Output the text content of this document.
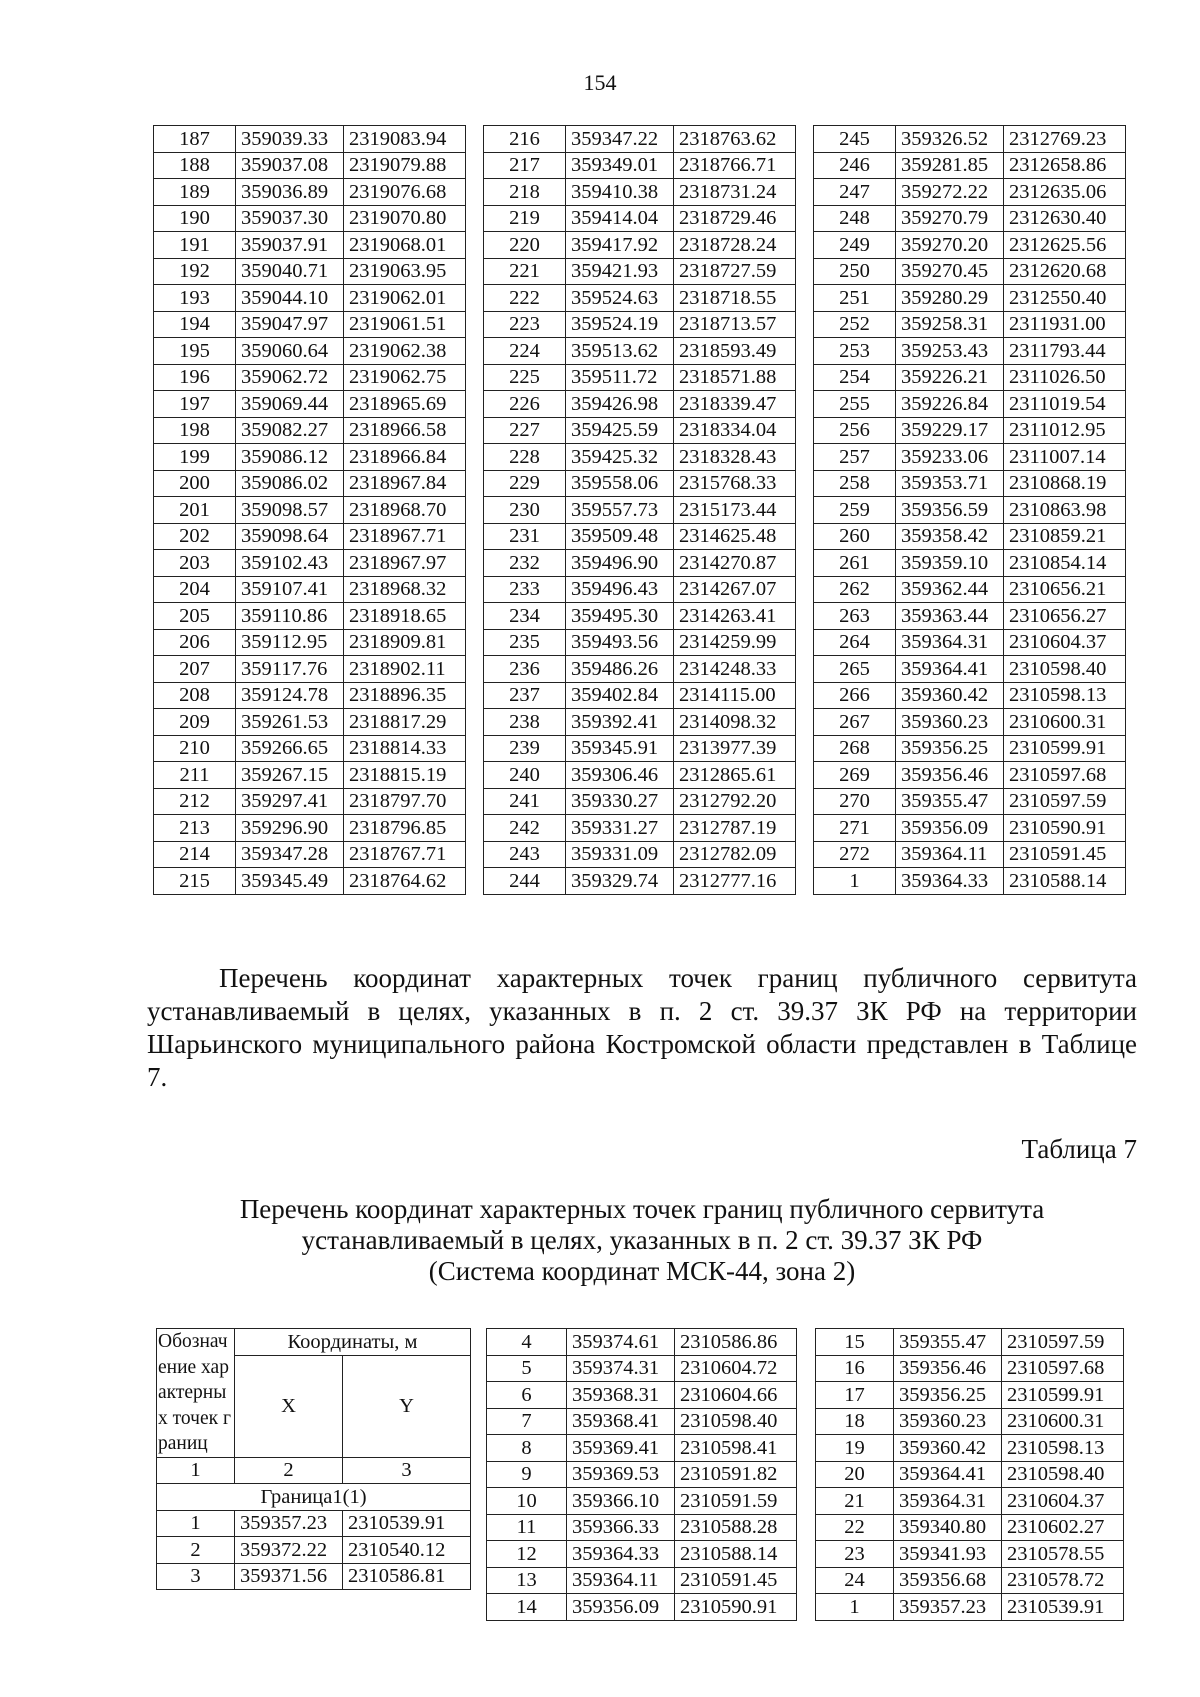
154
187	359039.33	2319083.94
188	359037.08	2319079.88
189	359036.89	2319076.68
190	359037.30	2319070.80
191	359037.91	2319068.01
192	359040.71	2319063.95
193	359044.10	2319062.01
194	359047.97	2319061.51
195	359060.64	2319062.38
196	359062.72	2319062.75
197	359069.44	2318965.69
198	359082.27	2318966.58
199	359086.12	2318966.84
200	359086.02	2318967.84
201	359098.57	2318968.70
202	359098.64	2318967.71
203	359102.43	2318967.97
204	359107.41	2318968.32
205	359110.86	2318918.65
206	359112.95	2318909.81
207	359117.76	2318902.11
208	359124.78	2318896.35
209	359261.53	2318817.29
210	359266.65	2318814.33
211	359267.15	2318815.19
212	359297.41	2318797.70
213	359296.90	2318796.85
214	359347.28	2318767.71
215	359345.49	2318764.62
216	359347.22	2318763.62
217	359349.01	2318766.71
218	359410.38	2318731.24
219	359414.04	2318729.46
220	359417.92	2318728.24
221	359421.93	2318727.59
222	359524.63	2318718.55
223	359524.19	2318713.57
224	359513.62	2318593.49
225	359511.72	2318571.88
226	359426.98	2318339.47
227	359425.59	2318334.04
228	359425.32	2318328.43
229	359558.06	2315768.33
230	359557.73	2315173.44
231	359509.48	2314625.48
232	359496.90	2314270.87
233	359496.43	2314267.07
234	359495.30	2314263.41
235	359493.56	2314259.99
236	359486.26	2314248.33
237	359402.84	2314115.00
238	359392.41	2314098.32
239	359345.91	2313977.39
240	359306.46	2312865.61
241	359330.27	2312792.20
242	359331.27	2312787.19
243	359331.09	2312782.09
244	359329.74	2312777.16
245	359326.52	2312769.23
246	359281.85	2312658.86
247	359272.22	2312635.06
248	359270.79	2312630.40
249	359270.20	2312625.56
250	359270.45	2312620.68
251	359280.29	2312550.40
252	359258.31	2311931.00
253	359253.43	2311793.44
254	359226.21	2311026.50
255	359226.84	2311019.54
256	359229.17	2311012.95
257	359233.06	2311007.14
258	359353.71	2310868.19
259	359356.59	2310863.98
260	359358.42	2310859.21
261	359359.10	2310854.14
262	359362.44	2310656.21
263	359363.44	2310656.27
264	359364.31	2310604.37
265	359364.41	2310598.40
266	359360.42	2310598.13
267	359360.23	2310600.31
268	359356.25	2310599.91
269	359356.46	2310597.68
270	359355.47	2310597.59
271	359356.09	2310590.91
272	359364.11	2310591.45
1	359364.33	2310588.14

Перечень координат характерных точек границ публичного сервитута устанавливаемый в целях, указанных в п. 2 ст. 39.37 ЗК РФ на территории Шарьинского муниципального района Костромской области представлен в Таблице 7.

Таблица 7
Перечень координат характерных точек границ публичного сервитута
устанавливаемый в целях, указанных в п. 2 ст. 39.37 ЗК РФ
(Система координат МСК-44, зона 2)
Обозначение характерных точек границ	Координаты, м	
	X	Y

1	2	3
Граница1(1)		
1	359357.23	2310539.91
2	359372.22	2310540.12
3	359371.56	2310586.81
4	359374.61	2310586.86
5	359374.31	2310604.72
6	359368.31	2310604.66
7	359368.41	2310598.40
8	359369.41	2310598.41
9	359369.53	2310591.82
10	359366.10	2310591.59
11	359366.33	2310588.28
12	359364.33	2310588.14
13	359364.11	2310591.45
14	359356.09	2310590.91
15	359355.47	2310597.59
16	359356.46	2310597.68
17	359356.25	2310599.91
18	359360.23	2310600.31
19	359360.42	2310598.13
20	359364.41	2310598.40
21	359364.31	2310604.37
22	359340.80	2310602.27
23	359341.93	2310578.55
24	359356.68	2310578.72
1	359357.23	2310539.91
